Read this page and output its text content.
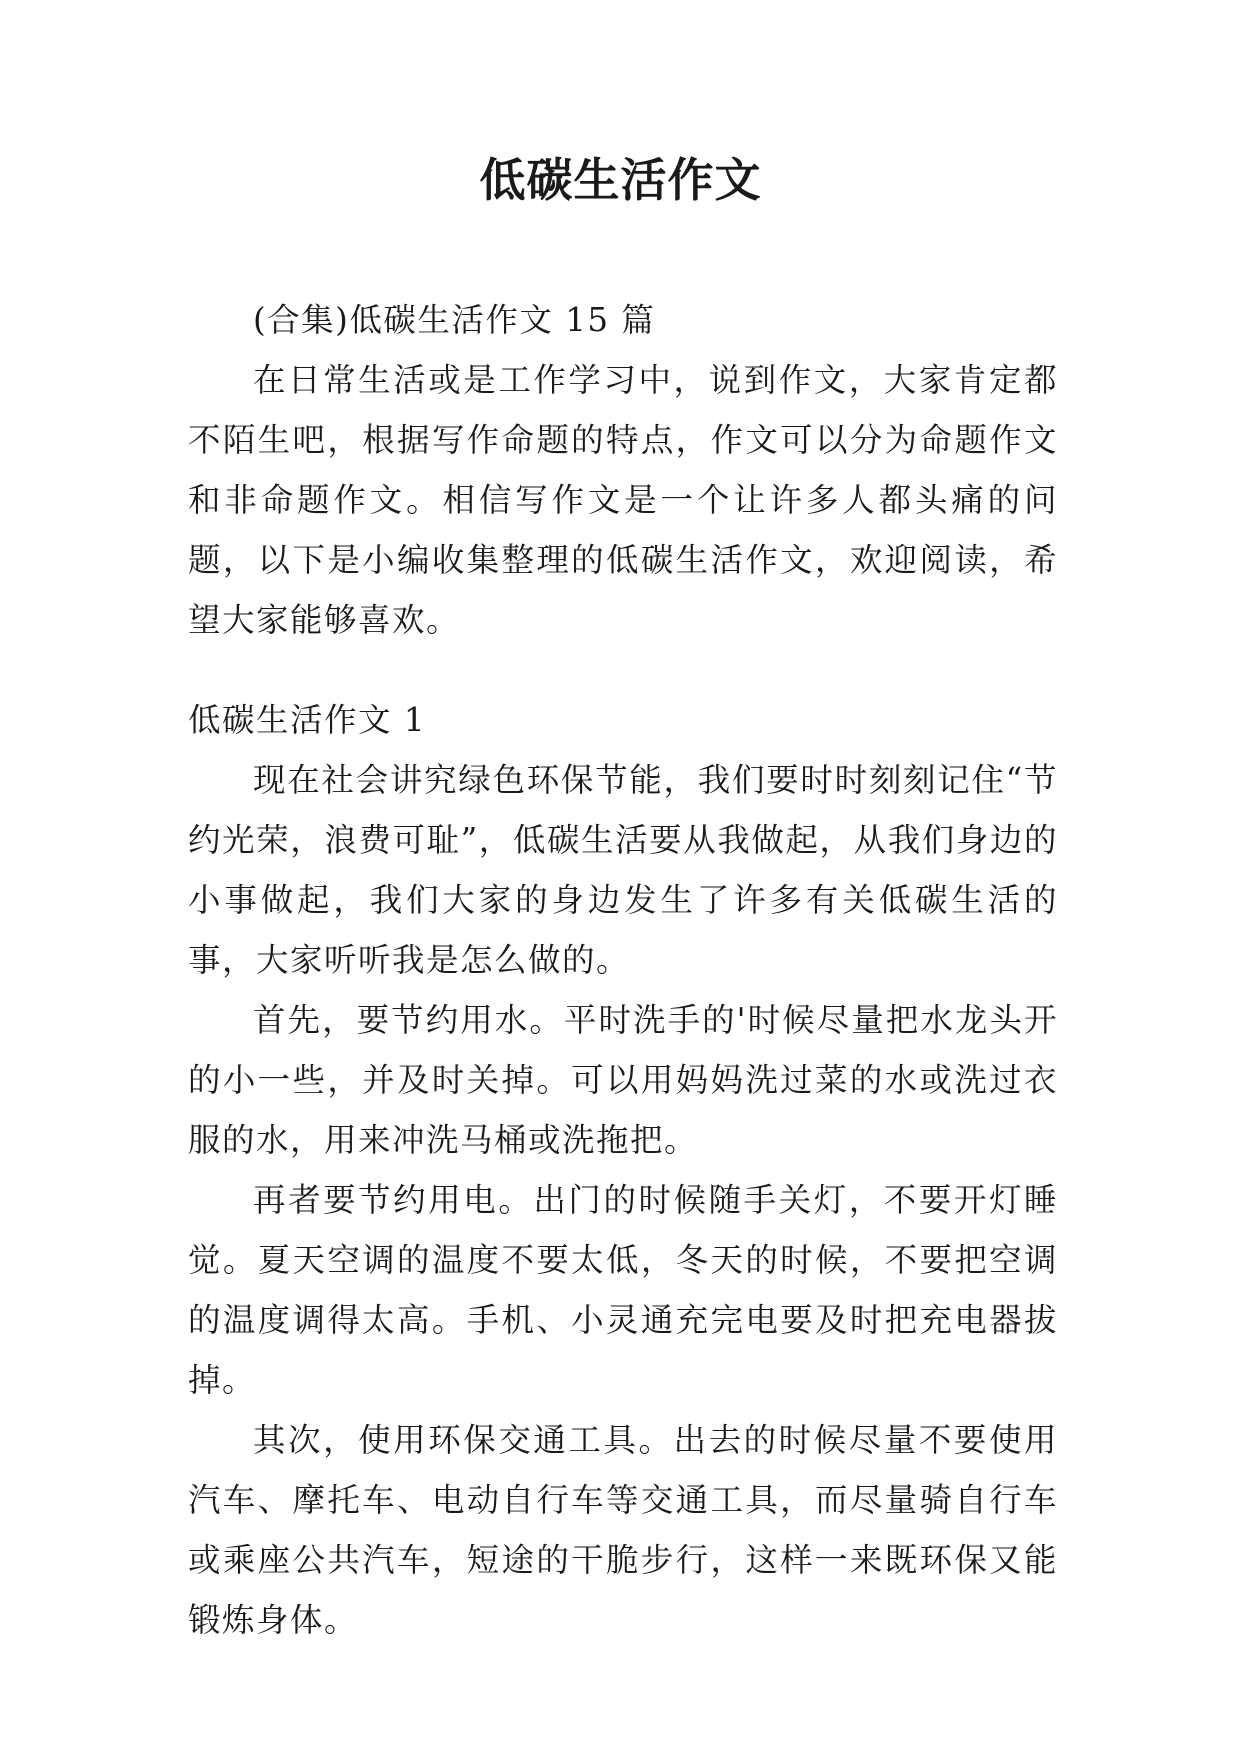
低碳生活作文

(合集)低碳生活作文 15 篇

在日常生活或是工作学习中，说到作文，大家肯定都不陌生吧，根据写作命题的特点，作文可以分为命题作文和非命题作文。相信写作文是一个让许多人都头痛的问题，以下是小编收集整理的低碳生活作文，欢迎阅读，希望大家能够喜欢。

低碳生活作文 1

现在社会讲究绿色环保节能，我们要时时刻刻记住“节约光荣，浪费可耻”，低碳生活要从我做起，从我们身边的小事做起，我们大家的身边发生了许多有关低碳生活的事，大家听听我是怎么做的。

首先，要节约用水。平时洗手的'时候尽量把水龙头开的小一些，并及时关掉。可以用妈妈洗过菜的水或洗过衣服的水，用来冲洗马桶或洗拖把。

再者要节约用电。出门的时候随手关灯，不要开灯睡觉。夏天空调的温度不要太低，冬天的时候，不要把空调的温度调得太高。手机、小灵通充完电要及时把充电器拔掉。

其次，使用环保交通工具。出去的时候尽量不要使用汽车、摩托车、电动自行车等交通工具，而尽量骑自行车或乘座公共汽车，短途的干脆步行，这样一来既环保又能锻炼身体。
